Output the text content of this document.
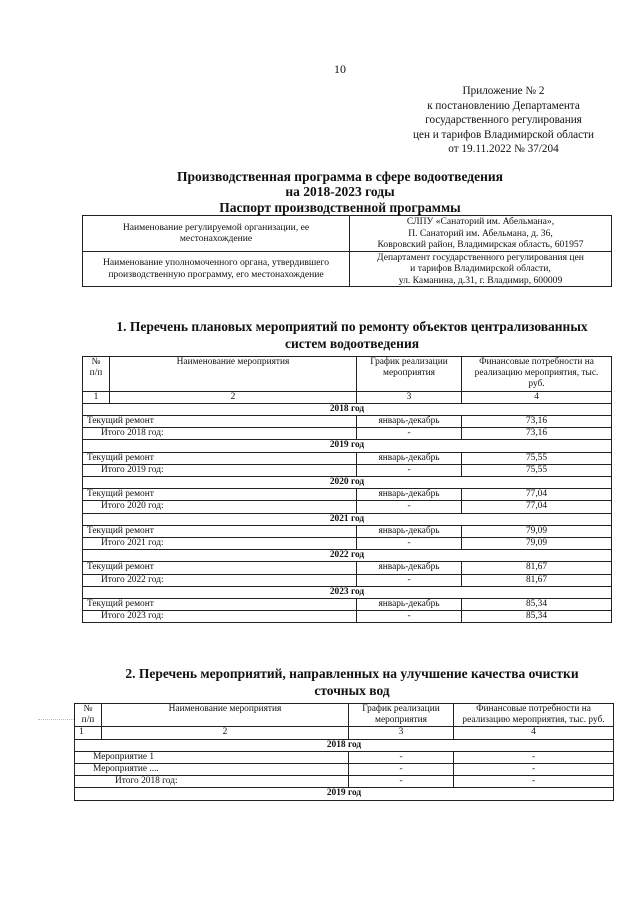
10
Приложение № 2
к постановлению Департамента
государственного регулирования
цен и тарифов Владимирской области
от 19.11.2022 № 37/204
Производственная программа в сфере водоотведения
на 2018-2023 годы
Паспорт производственной программы
Наименование регулируемой организации, ее местонахождение	СЛПУ «Санаторий им. Абельмана»,
П. Санаторий им. Абельмана, д. 36,
Ковровский район, Владимирская область, 601957

Наименование уполномоченного органа, утвердившего производственную программу, его местонахождение	Департамент государственного регулирования цен
и тарифов Владимирской области,
ул. Каманина, д.31, г. Владимир, 600009
1. Перечень плановых мероприятий по ремонту объектов централизованных
систем водоотведения
№ п/п	Наименование мероприятия	График реализации мероприятия	Финансовые потребности на реализацию мероприятия, тыс. руб.
1	2	3	4
2018 год			
Текущий ремонт		январь-декабрь	73,16
Итого 2018 год:		-	73,16
2019 год			
Текущий ремонт		январь-декабрь	75,55
Итого 2019 год:		-	75,55
2020 год			
Текущий ремонт		январь-декабрь	77,04
Итого 2020 год:		-	77,04
2021 год			
Текущий ремонт		январь-декабрь	79,09
Итого 2021 год:		-	79,09
2022 год			
Текущий ремонт		январь-декабрь	81,67
Итого 2022 год:		-	81,67
2023 год			
Текущий ремонт		январь-декабрь	85,34
Итого 2023 год:		-	85,34
2. Перечень мероприятий, направленных на улучшение качества очистки
сточных вод
№ п/п	Наименование мероприятия	График реализации мероприятия	Финансовые потребности на реализацию мероприятия, тыс. руб.
1	2	3	4
2018 год			
Мероприятие 1		-	-
Мероприятие ....		-	-
Итого 2018 год:		-	-
2019 год			
